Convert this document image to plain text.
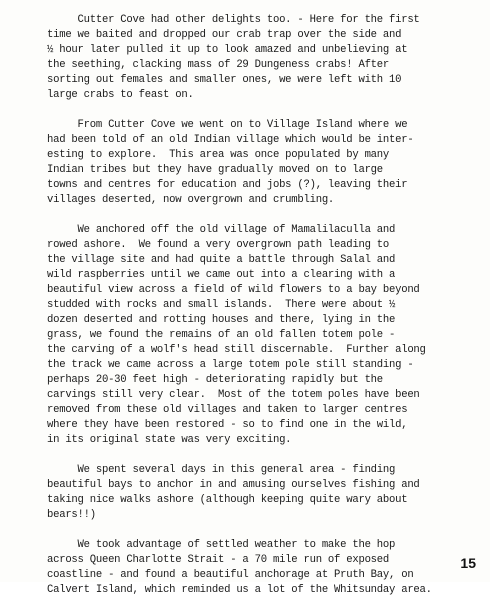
Cutter Cove had other delights too. - Here for the first
time we baited and dropped our crab trap over the side and
½ hour later pulled it up to look amazed and unbelieving at
the seething, clacking mass of 29 Dungeness crabs! After
sorting out females and smaller ones, we were left with 10
large crabs to feast on.

From Cutter Cove we went on to Village Island where we
had been told of an old Indian village which would be inter-
esting to explore.  This area was once populated by many
Indian tribes but they have gradually moved on to large
towns and centres for education and jobs (?), leaving their
villages deserted, now overgrown and crumbling.

We anchored off the old village of Mamalilaculla and
rowed ashore.  We found a very overgrown path leading to
the village site and had quite a battle through Salal and
wild raspberries until we came out into a clearing with a
beautiful view across a field of wild flowers to a bay beyond
studded with rocks and small islands.  There were about ½
dozen deserted and rotting houses and there, lying in the
grass, we found the remains of an old fallen totem pole -
the carving of a wolf's head still discernable.  Further along
the track we came across a large totem pole still standing -
perhaps 20-30 feet high - deteriorating rapidly but the
carvings still very clear.  Most of the totem poles have been
removed from these old villages and taken to larger centres
where they have been restored - so to find one in the wild,
in its original state was very exciting.

We spent several days in this general area - finding
beautiful bays to anchor in and amusing ourselves fishing and
taking nice walks ashore (although keeping quite wary about
bears!!)

We took advantage of settled weather to make the hop
across Queen Charlotte Strait - a 70 mile run of exposed
coastline - and found a beautiful anchorage at Pruth Bay, on
Calvert Island, which reminded us a lot of the Whitsunday area.

15
